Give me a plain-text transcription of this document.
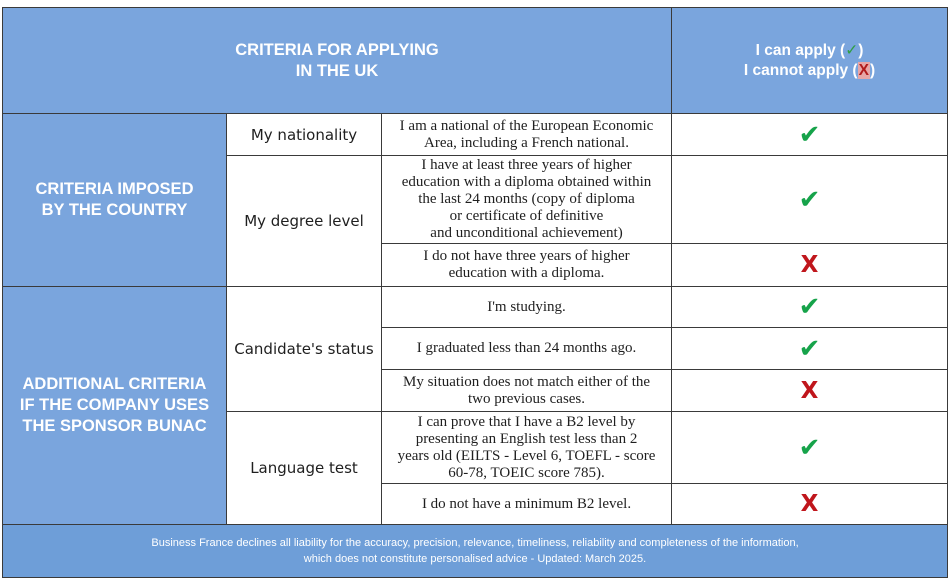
CRITERIA FOR APPLYING
IN THE UK			I can apply (✓)
I cannot apply (X)

CRITERIA IMPOSED
BY THE COUNTRY	My nationality	I am a national of the European Economic
Area, including a French national.	✔
	My degree level	I have at least three years of higher
education with a diploma obtained within
the last 24 months (copy of diploma
or certificate of definitive
and unconditional achievement)	✔

		I do not have three years of higher
education with a diploma.	X

ADDITIONAL CRITERIA
IF THE COMPANY USES
THE SPONSOR BUNAC	Candidate's status	I'm studying.	✔

		I graduated less than 24 months ago.	✔

		My situation does not match either of the
two previous cases.	X
	Language test	I can prove that I have a B2 level by
presenting an English test less than 2
years old (EILTS - Level 6, TOEFL - score
60-78, TOEIC score 785).	✔

		I do not have a minimum B2 level.	X

Business France declines all liability for the accuracy, precision, relevance, timeliness, reliability and completeness of the information,
which does not constitute personalised advice - Updated: March 2025.			
